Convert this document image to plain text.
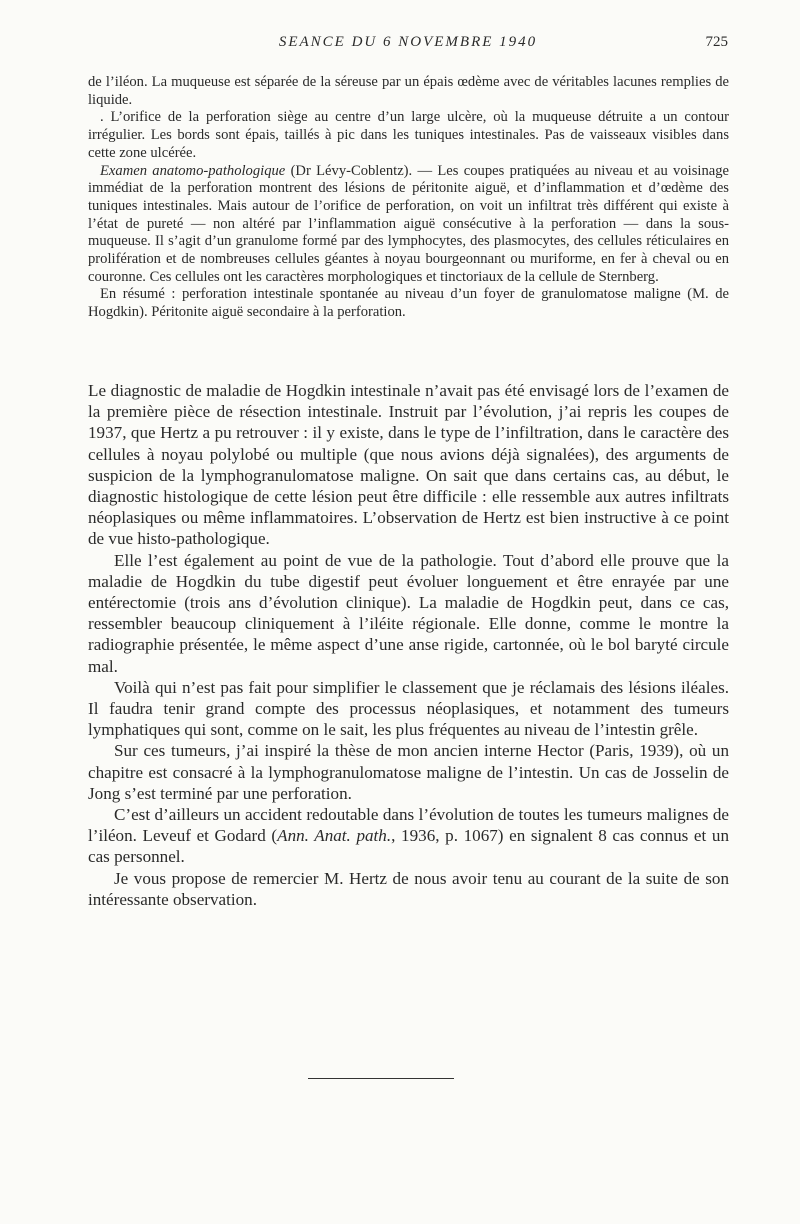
SEANCE DU 6 NOVEMBRE 1940	725

de l’iléon. La muqueuse est séparée de la séreuse par un épais œdème avec de véritables lacunes remplies de liquide.

. L’orifice de la perforation siège au centre d’un large ulcère, où la muqueuse détruite a un contour irrégulier. Les bords sont épais, taillés à pic dans les tuniques intestinales. Pas de vaisseaux visibles dans cette zone ulcérée.

Examen anatomo-pathologique (Dr Lévy-Coblentz). — Les coupes pratiquées au niveau et au voisinage immédiat de la perforation montrent des lésions de péritonite aiguë, et d’inflammation et d’œdème des tuniques intestinales. Mais autour de l’orifice de perforation, on voit un infiltrat très différent qui existe à l’état de pureté — non altéré par l’inflammation aiguë consécutive à la perforation — dans la sous-muqueuse. Il s’agit d’un granulome formé par des lymphocytes, des plasmocytes, des cellules réticulaires en prolifération et de nombreuses cellules géantes à noyau bourgeonnant ou muriforme, en fer à cheval ou en couronne. Ces cellules ont les caractères morphologiques et tinctoriaux de la cellule de Sternberg.

En résumé : perforation intestinale spontanée au niveau d’un foyer de granulomatose maligne (M. de Hogdkin). Péritonite aiguë secondaire à la perforation.

Le diagnostic de maladie de Hogdkin intestinale n’avait pas été envisagé lors de l’examen de la première pièce de résection intestinale. Instruit par l’évolution, j’ai repris les coupes de 1937, que Hertz a pu retrouver : il y existe, dans le type de l’infiltration, dans le caractère des cellules à noyau polylobé ou multiple (que nous avions déjà signalées), des arguments de suspicion de la lymphogranulomatose maligne. On sait que dans certains cas, au début, le diagnostic histologique de cette lésion peut être difficile : elle ressemble aux autres infiltrats néoplasiques ou même inflammatoires. L’observation de Hertz est bien instructive à ce point de vue histo-pathologique.

Elle l’est également au point de vue de la pathologie. Tout d’abord elle prouve que la maladie de Hogdkin du tube digestif peut évoluer longuement et être enrayée par une entérectomie (trois ans d’évolution clinique). La maladie de Hogdkin peut, dans ce cas, ressembler beaucoup cliniquement à l’iléite régionale. Elle donne, comme le montre la radiographie présentée, le même aspect d’une anse rigide, cartonnée, où le bol baryté circule mal.

Voilà qui n’est pas fait pour simplifier le classement que je réclamais des lésions iléales. Il faudra tenir grand compte des processus néoplasiques, et notamment des tumeurs lymphatiques qui sont, comme on le sait, les plus fréquentes au niveau de l’intestin grêle.

Sur ces tumeurs, j’ai inspiré la thèse de mon ancien interne Hector (Paris, 1939), où un chapitre est consacré à la lymphogranulomatose maligne de l’intestin. Un cas de Josselin de Jong s’est terminé par une perforation.

C’est d’ailleurs un accident redoutable dans l’évolution de toutes les tumeurs malignes de l’iléon. Leveuf et Godard (Ann. Anat. path., 1936, p. 1067) en signalent 8 cas connus et un cas personnel.

Je vous propose de remercier M. Hertz de nous avoir tenu au courant de la suite de son intéressante observation.
